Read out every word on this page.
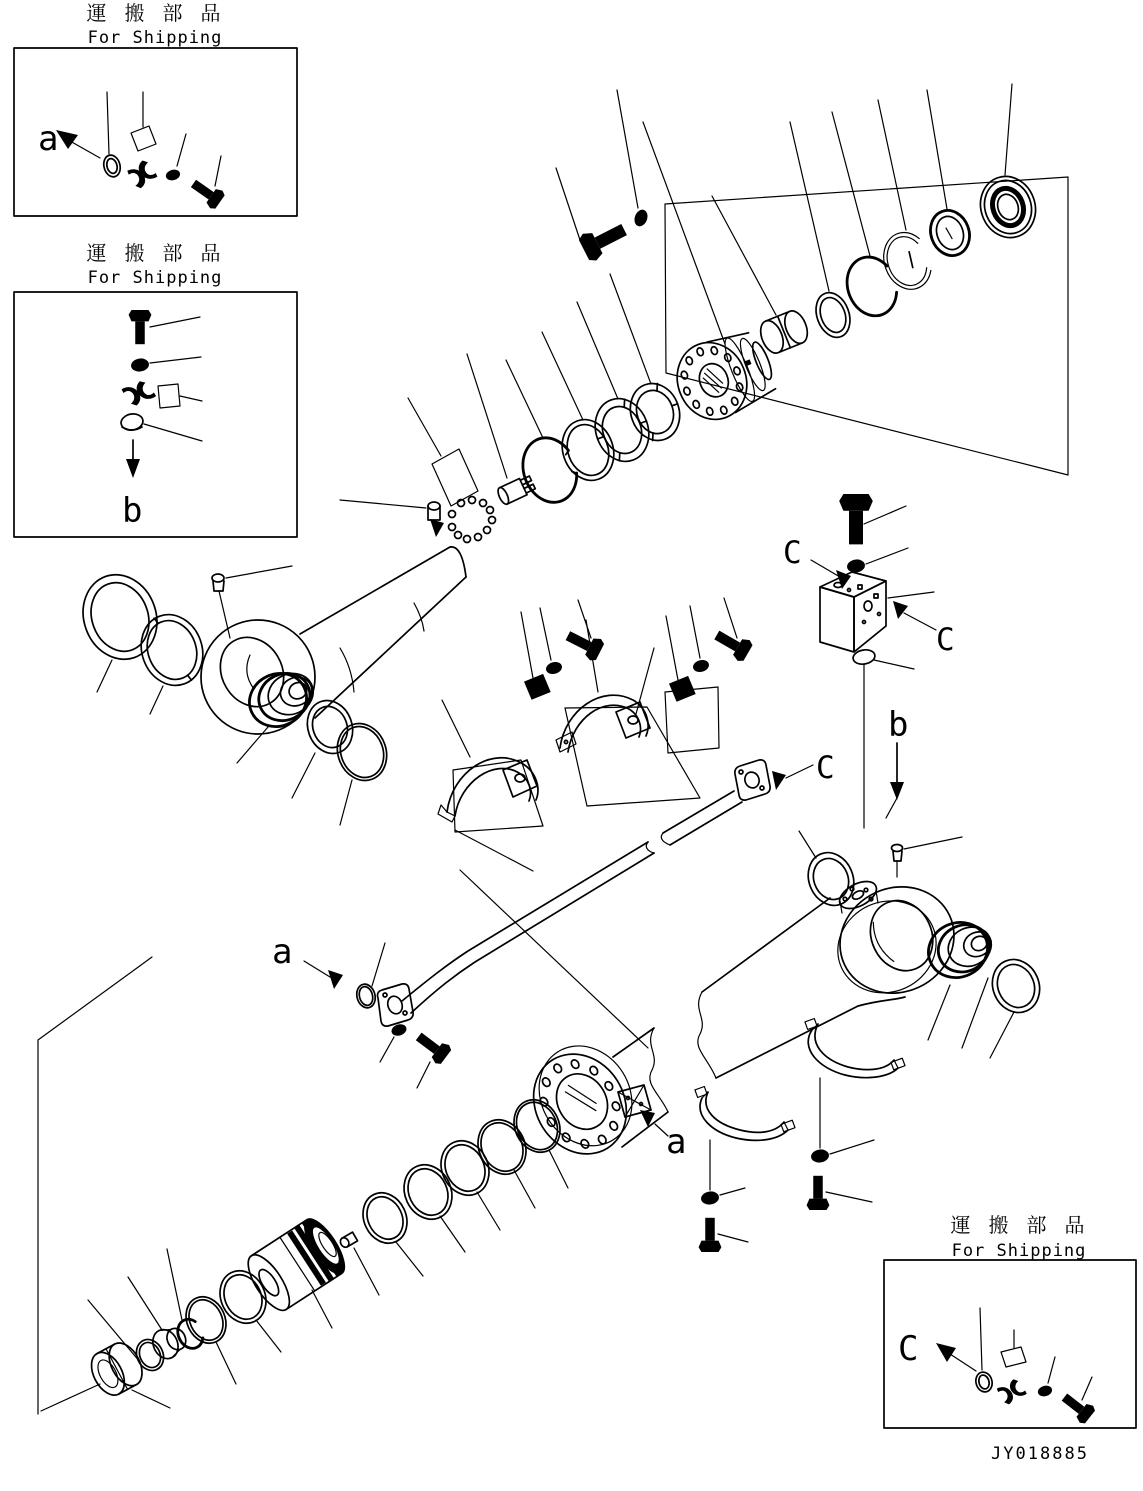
運 搬 部 品
For Shipping
a
運 搬 部 品
For Shipping
b
運 搬 部 品
For Shipping
C
JY018885
C
C
a
C
a
b
